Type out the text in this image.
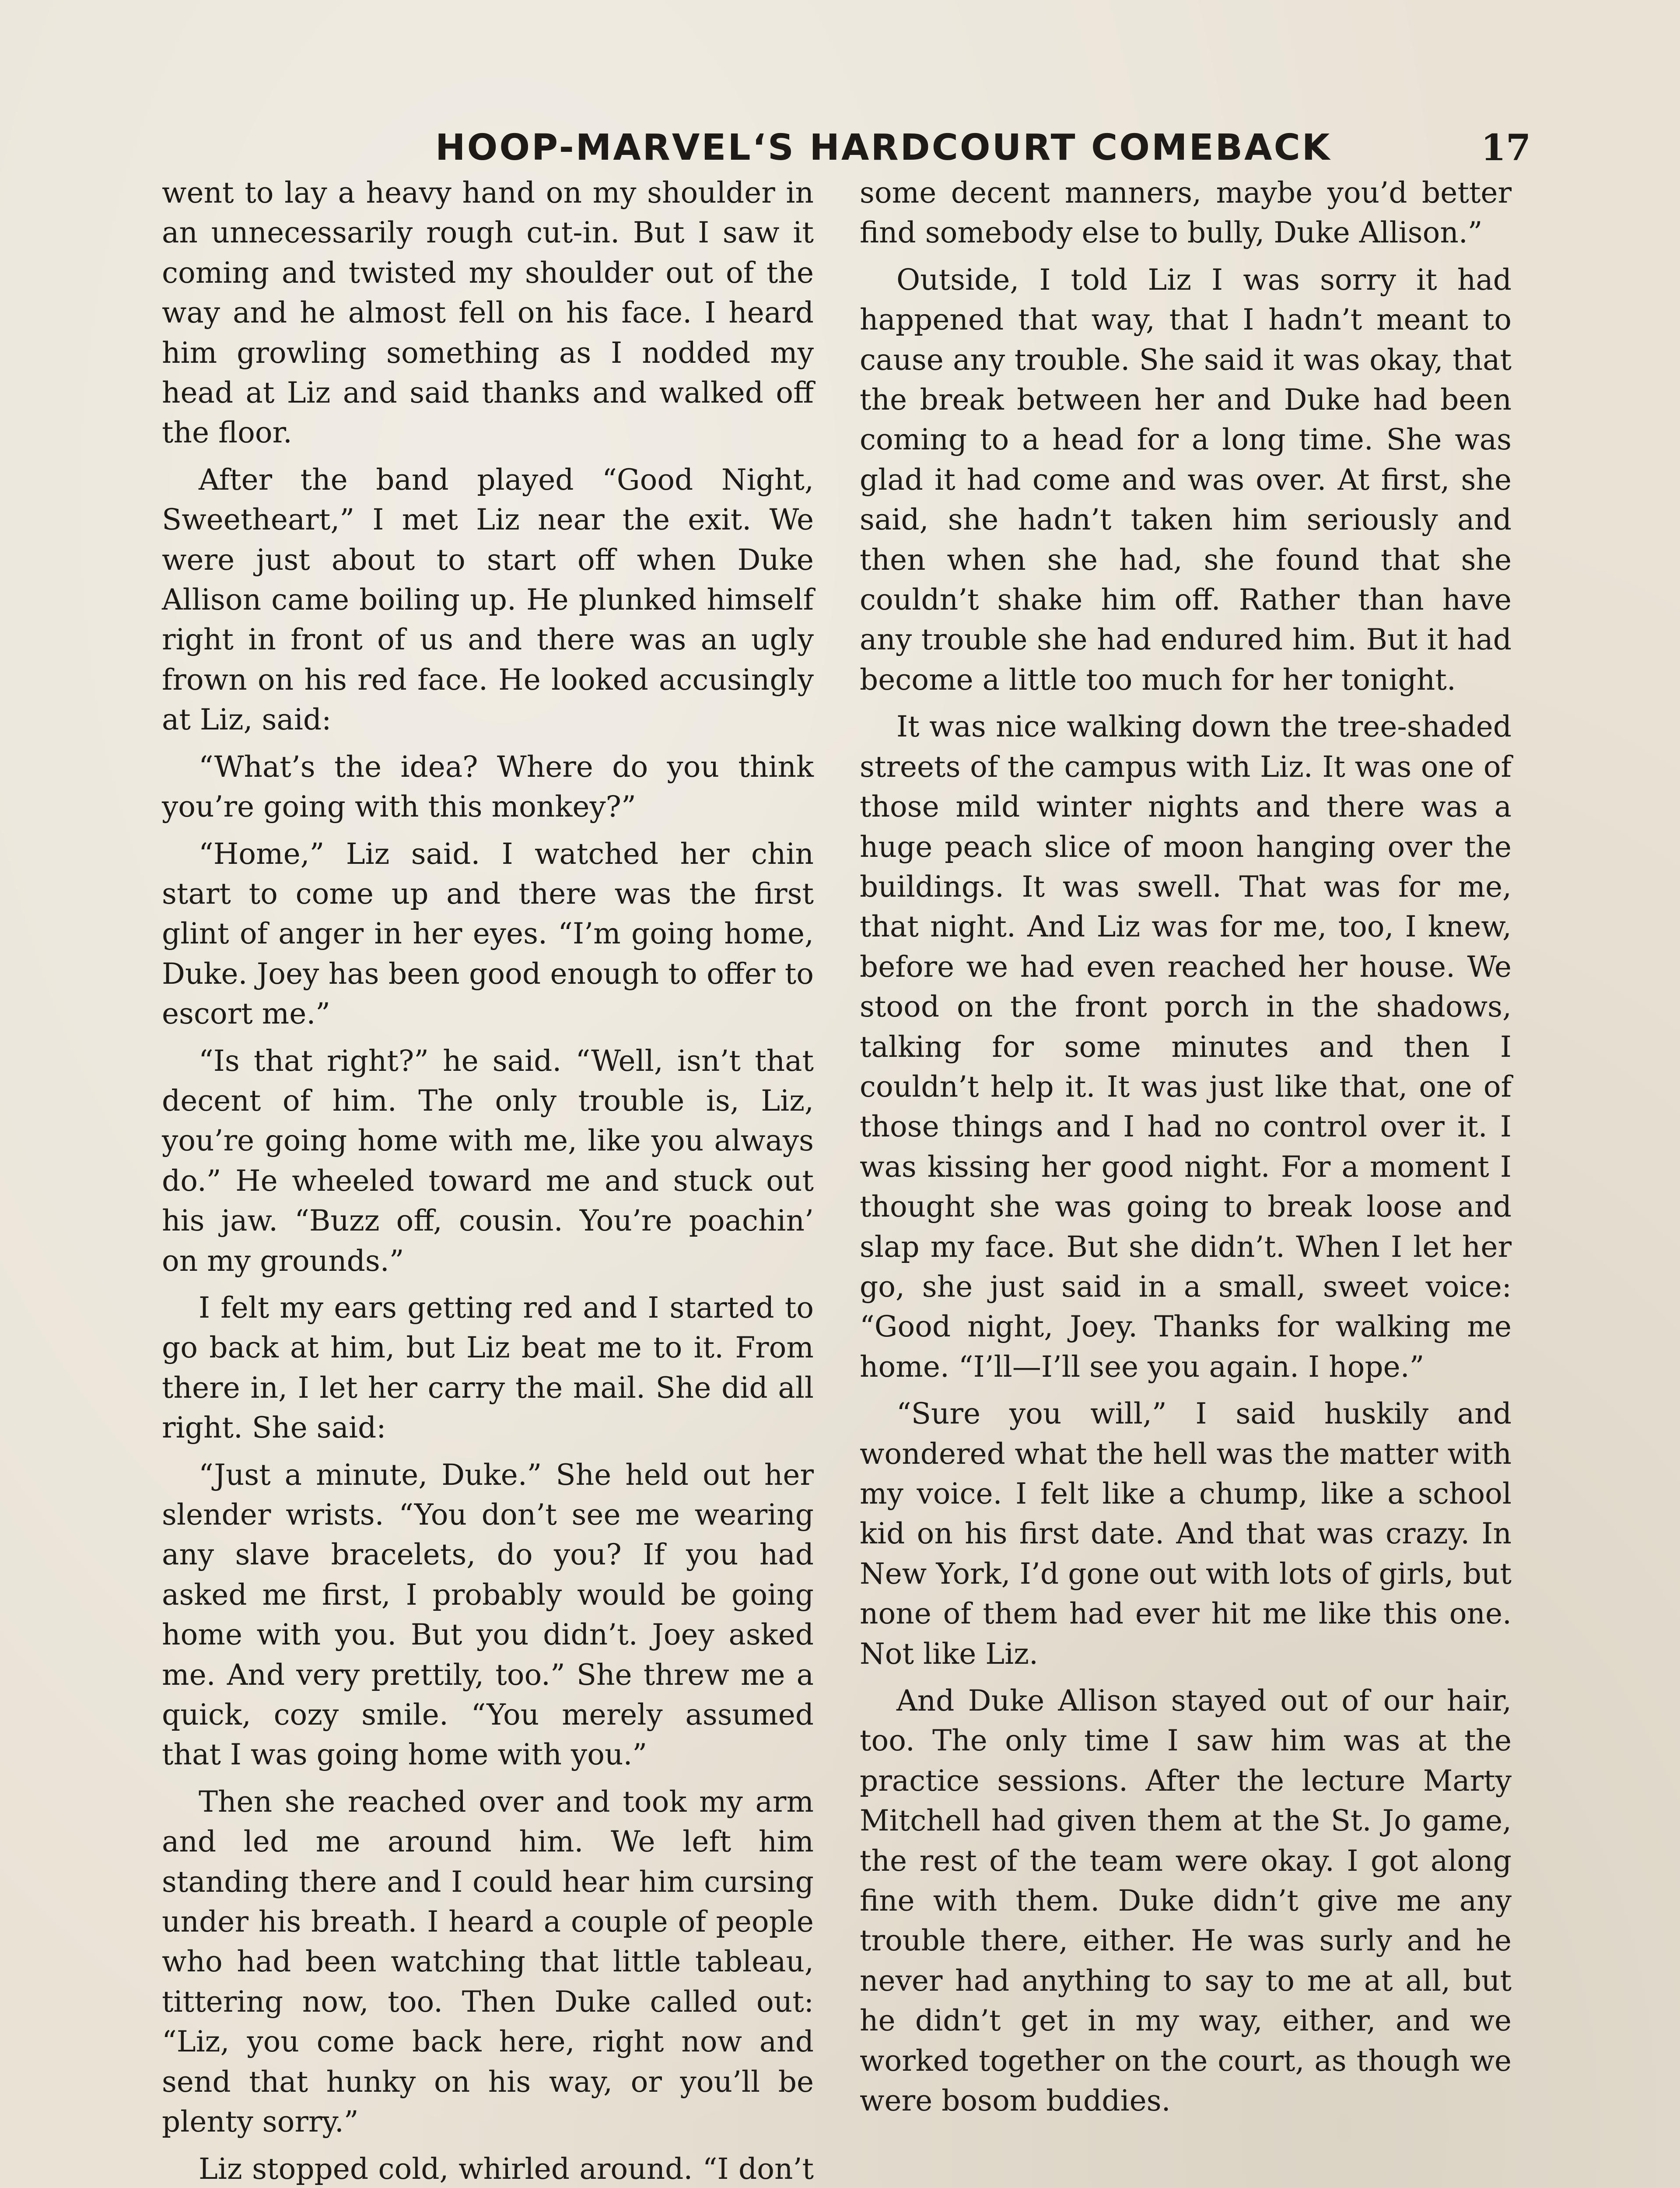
HOOP-MARVEL‘S HARDCOURT COMEBACK	17

went to lay a heavy hand on my shoulder in an unnecessarily rough cut-in. But I saw it coming and twisted my shoulder out of the way and he almost fell on his face. I heard him growling something as I nodded my head at Liz and said thanks and walked off the floor.

After the band played “Good Night, Sweetheart,” I met Liz near the exit. We were just about to start off when Duke Allison came boiling up. He plunked himself right in front of us and there was an ugly frown on his red face. He looked accusingly at Liz, said:

“What’s the idea? Where do you think you’re going with this monkey?”

“Home,” Liz said. I watched her chin start to come up and there was the first glint of anger in her eyes. “I’m going home, Duke. Joey has been good enough to offer to escort me.”

“Is that right?” he said. “Well, isn’t that decent of him. The only trouble is, Liz, you’re going home with me, like you always do.” He wheeled toward me and stuck out his jaw. “Buzz off, cousin. You’re poachin’ on my grounds.”

I felt my ears getting red and I started to go back at him, but Liz beat me to it. From there in, I let her carry the mail. She did all right. She said:

“Just a minute, Duke.” She held out her slender wrists. “You don’t see me wearing any slave bracelets, do you? If you had asked me first, I probably would be going home with you. But you didn’t. Joey asked me. And very prettily, too.” She threw me a quick, cozy smile. “You merely assumed that I was going home with you.”

Then she reached over and took my arm and led me around him. We left him standing there and I could hear him cursing under his breath. I heard a couple of people who had been watching that little tableau, tittering now, too. Then Duke called out: “Liz, you come back here, right now and send that hunky on his way, or you’ll be plenty sorry.”

Liz stopped cold, whirled around. “I don’t

some decent manners, maybe you’d better find somebody else to bully, Duke Allison.”

Outside, I told Liz I was sorry it had happened that way, that I hadn’t meant to cause any trouble. She said it was okay, that the break between her and Duke had been coming to a head for a long time. She was glad it had come and was over. At first, she said, she hadn’t taken him seriously and then when she had, she found that she couldn’t shake him off. Rather than have any trouble she had endured him. But it had become a little too much for her tonight.

It was nice walking down the tree-shaded streets of the campus with Liz. It was one of those mild winter nights and there was a huge peach slice of moon hanging over the buildings. It was swell. That was for me, that night. And Liz was for me, too, I knew, before we had even reached her house. We stood on the front porch in the shadows, talking for some minutes and then I couldn’t help it. It was just like that, one of those things and I had no control over it. I was kissing her good night. For a moment I thought she was going to break loose and slap my face. But she didn’t. When I let her go, she just said in a small, sweet voice: “Good night, Joey. Thanks for walking me home. “I’ll—I’ll see you again. I hope.”

“Sure you will,” I said huskily and wondered what the hell was the matter with my voice. I felt like a chump, like a school kid on his first date. And that was crazy. In New York, I’d gone out with lots of girls, but none of them had ever hit me like this one. Not like Liz.

And Duke Allison stayed out of our hair, too. The only time I saw him was at the practice sessions. After the lecture Marty Mitchell had given them at the St. Jo game, the rest of the team were okay. I got along fine with them. Duke didn’t give me any trouble there, either. He was surly and he never had anything to say to me at all, but he didn’t get in my way, either, and we worked together on the court, as though we were bosom buddies.
